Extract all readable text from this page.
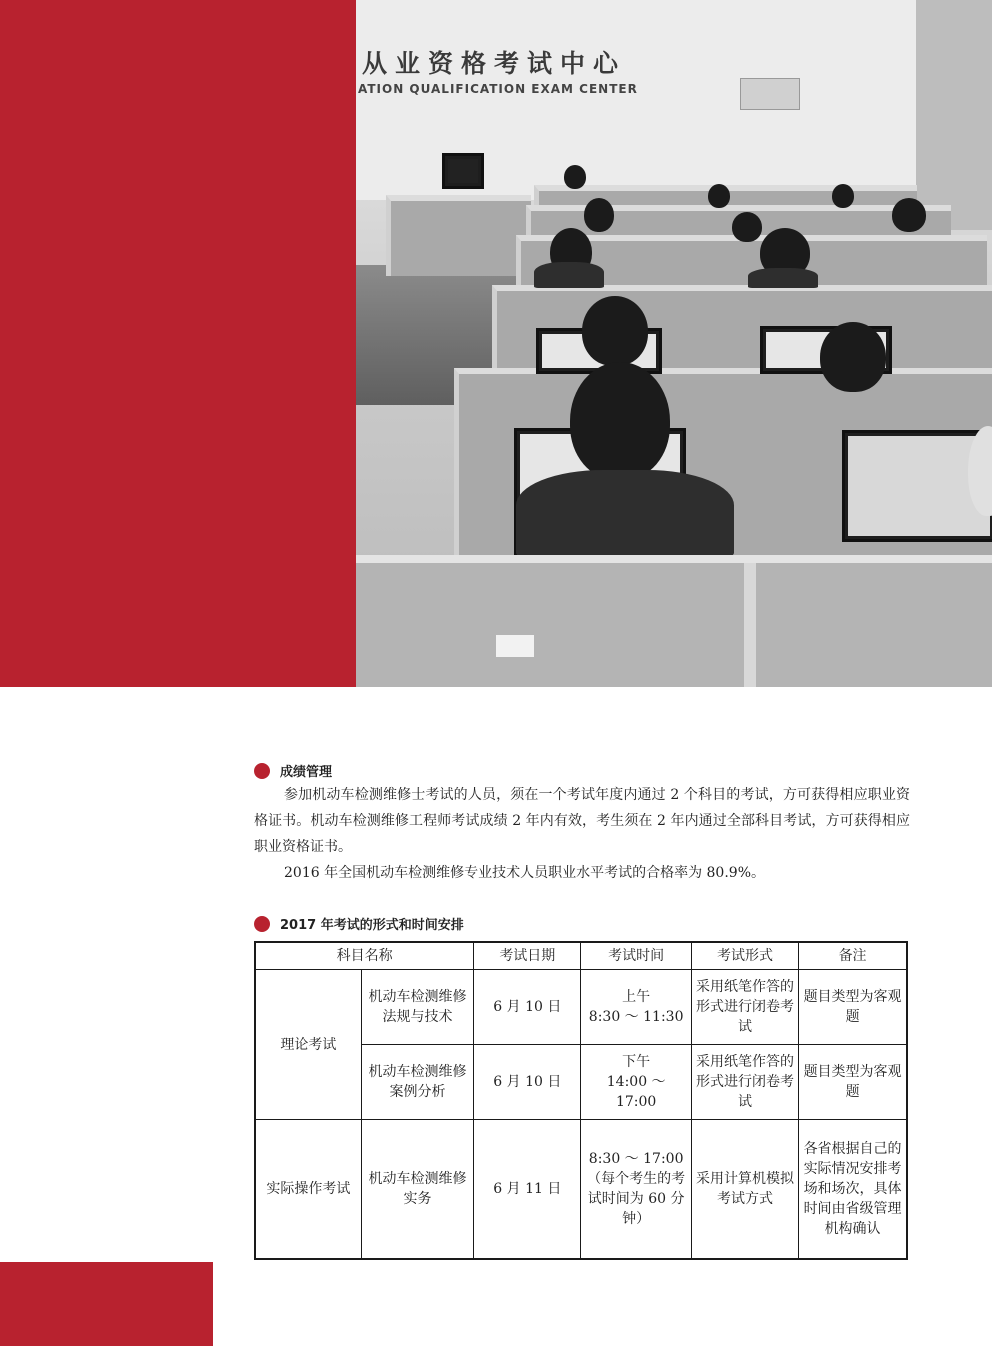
从业资格考试中心
ATION QUALIFICATION EXAM CENTER
成绩管理

参加机动车检测维修士考试的人员，须在一个考试年度内通过 2 个科目的考试，方可获得相应职业资格证书。机动车检测维修工程师考试成绩 2 年内有效，考生须在 2 年内通过全部科目考试，方可获得相应职业资格证书。

2016 年全国机动车检测维修专业技术人员职业水平考试的合格率为 80.9%。

2017 年考试的形式和时间安排
科目名称		考试日期	考试时间	考试形式	备注
理论考试	机动车检测维修法规与技术	6 月 10 日	上午
8:30 ～ 11:30	采用纸笔作答的形式进行闭卷考试	题目类型为客观题
	机动车检测维修案例分析	6 月 10 日	下午
14:00 ～ 17:00	采用纸笔作答的形式进行闭卷考试	题目类型为客观题
实际操作考试	机动车检测维修实务	6 月 11 日	8:30 ～ 17:00
（每个考生的考试时间为 60 分钟）	采用计算机模拟考试方式	各省根据自己的实际情况安排考场和场次，具体时间由省级管理机构确认
